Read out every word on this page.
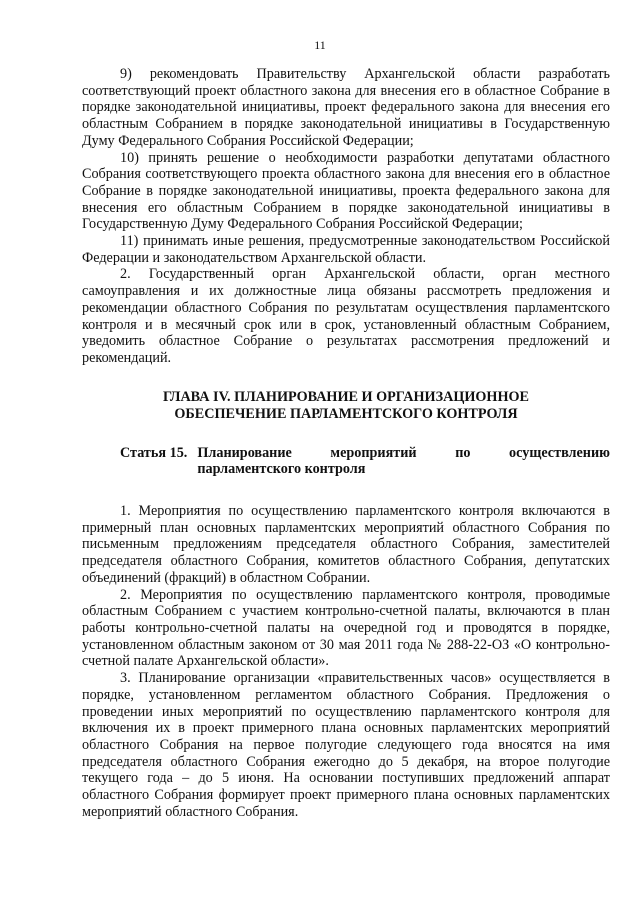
11

9) рекомендовать Правительству Архангельской области разработать соответствующий проект областного закона для внесения его в областное Собрание в порядке законодательной инициативы, проект федерального закона для внесения его областным Собранием в порядке законодательной инициативы в Государственную Думу Федерального Собрания Российской Федерации;

10) принять решение о необходимости разработки депутатами областного Собрания соответствующего проекта областного закона для внесения его в областное Собрание в порядке законодательной инициативы, проекта федерального закона для внесения его областным Собранием в порядке законодательной инициативы в Государственную Думу Федерального Собрания Российской Федерации;

11) принимать иные решения, предусмотренные законодательством Российской Федерации и законодательством Архангельской области.

2. Государственный орган Архангельской области, орган местного самоуправления и их должностные лица обязаны рассмотреть предложения и рекомендации областного Собрания по результатам осуществления парламентского контроля и в месячный срок или в срок, установленный областным Собранием, уведомить областное Собрание о результатах рассмотрения предложений и рекомендаций.

ГЛАВА IV. ПЛАНИРОВАНИЕ И ОРГАНИЗАЦИОННОЕ
ОБЕСПЕЧЕНИЕ ПАРЛАМЕНТСКОГО КОНТРОЛЯ
Статья 15. Планирование мероприятий по осуществлению парламентского контроля

1. Мероприятия по осуществлению парламентского контроля включаются в примерный план основных парламентских мероприятий областного Собрания по письменным предложениям председателя областного Собрания, заместителей председателя областного Собрания, комитетов областного Собрания, депутатских объединений (фракций) в областном Собрании.

2. Мероприятия по осуществлению парламентского контроля, проводимые областным Собранием с участием контрольно-счетной палаты, включаются в план работы контрольно-счетной палаты на очередной год и проводятся в порядке, установленном областным законом от 30 мая 2011 года № 288-22-ОЗ «О контрольно-счетной палате Архангельской области».

3. Планирование организации «правительственных часов» осуществляется в порядке, установленном регламентом областного Собрания. Предложения о проведении иных мероприятий по осуществлению парламентского контроля для включения их в проект примерного плана основных парламентских мероприятий областного Собрания на первое полугодие следующего года вносятся на имя председателя областного Собрания ежегодно до 5 декабря, на второе полугодие текущего года – до 5 июня. На основании поступивших предложений аппарат областного Собрания формирует проект примерного плана основных парламентских мероприятий областного Собрания.
